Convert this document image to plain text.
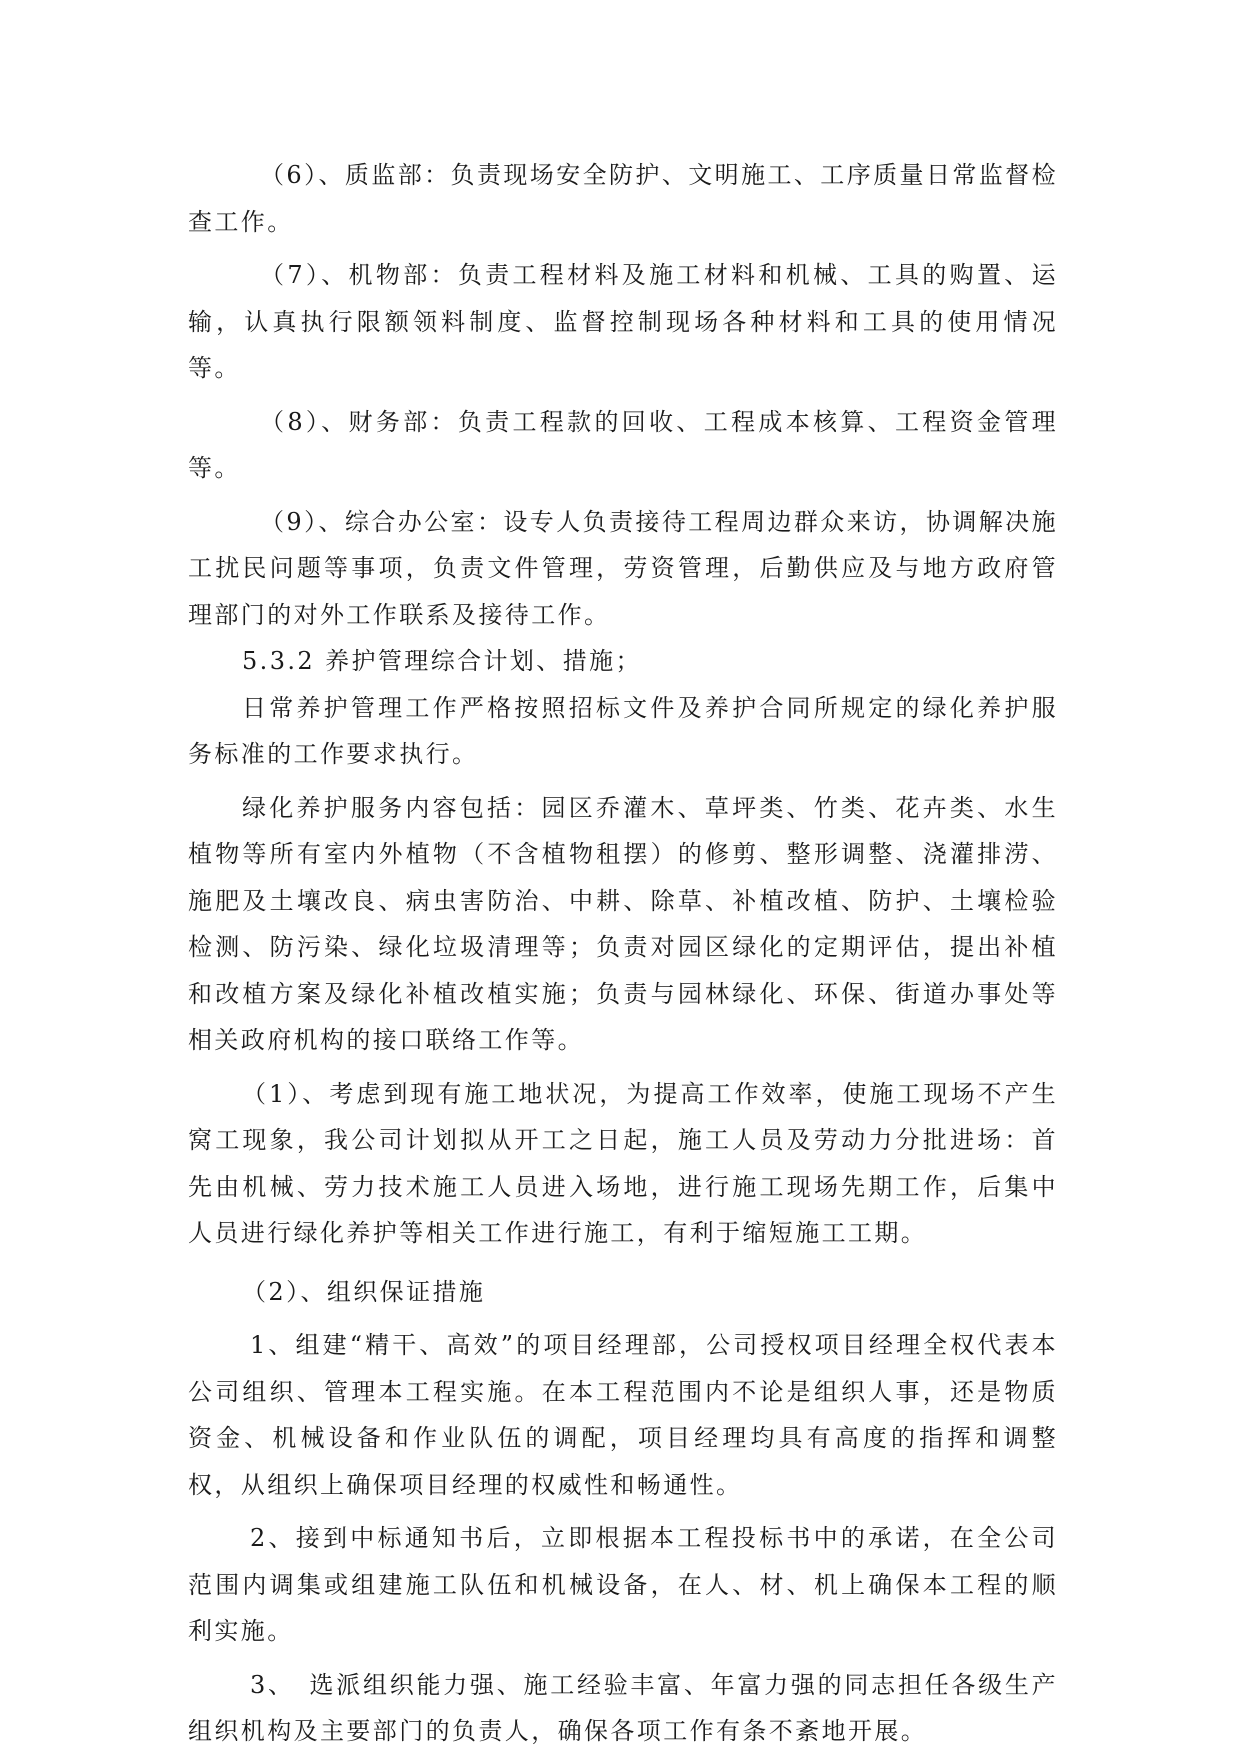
（6）、质监部：负责现场安全防护、文明施工、工序质量日常监督检查工作。

（7）、机物部：负责工程材料及施工材料和机械、工具的购置、运输，认真执行限额领料制度、监督控制现场各种材料和工具的使用情况等。

（8）、财务部：负责工程款的回收、工程成本核算、工程资金管理等。

（9）、综合办公室：设专人负责接待工程周边群众来访，协调解决施工扰民问题等事项，负责文件管理，劳资管理，后勤供应及与地方政府管理部门的对外工作联系及接待工作。

5.3.2 养护管理综合计划、措施；

日常养护管理工作严格按照招标文件及养护合同所规定的绿化养护服务标准的工作要求执行。

绿化养护服务内容包括：园区乔灌木、草坪类、竹类、花卉类、水生植物等所有室内外植物（不含植物租摆）的修剪、整形调整、浇灌排涝、施肥及土壤改良、病虫害防治、中耕、除草、补植改植、防护、土壤检验检测、防污染、绿化垃圾清理等；负责对园区绿化的定期评估，提出补植和改植方案及绿化补植改植实施；负责与园林绿化、环保、街道办事处等相关政府机构的接口联络工作等。

（1）、考虑到现有施工地状况，为提高工作效率，使施工现场不产生窝工现象，我公司计划拟从开工之日起，施工人员及劳动力分批进场：首先由机械、劳力技术施工人员进入场地，进行施工现场先期工作，后集中人员进行绿化养护等相关工作进行施工，有利于缩短施工工期。

（2）、组织保证措施

1、组建“精干、高效”的项目经理部，公司授权项目经理全权代表本公司组织、管理本工程实施。在本工程范围内不论是组织人事，还是物质资金、机械设备和作业队伍的调配，项目经理均具有高度的指挥和调整权，从组织上确保项目经理的权威性和畅通性。

2、接到中标通知书后，立即根据本工程投标书中的承诺，在全公司范围内调集或组建施工队伍和机械设备，在人、材、机上确保本工程的顺利实施。

3、　选派组织能力强、施工经验丰富、年富力强的同志担任各级生产组织机构及主要部门的负责人，确保各项工作有条不紊地开展。
